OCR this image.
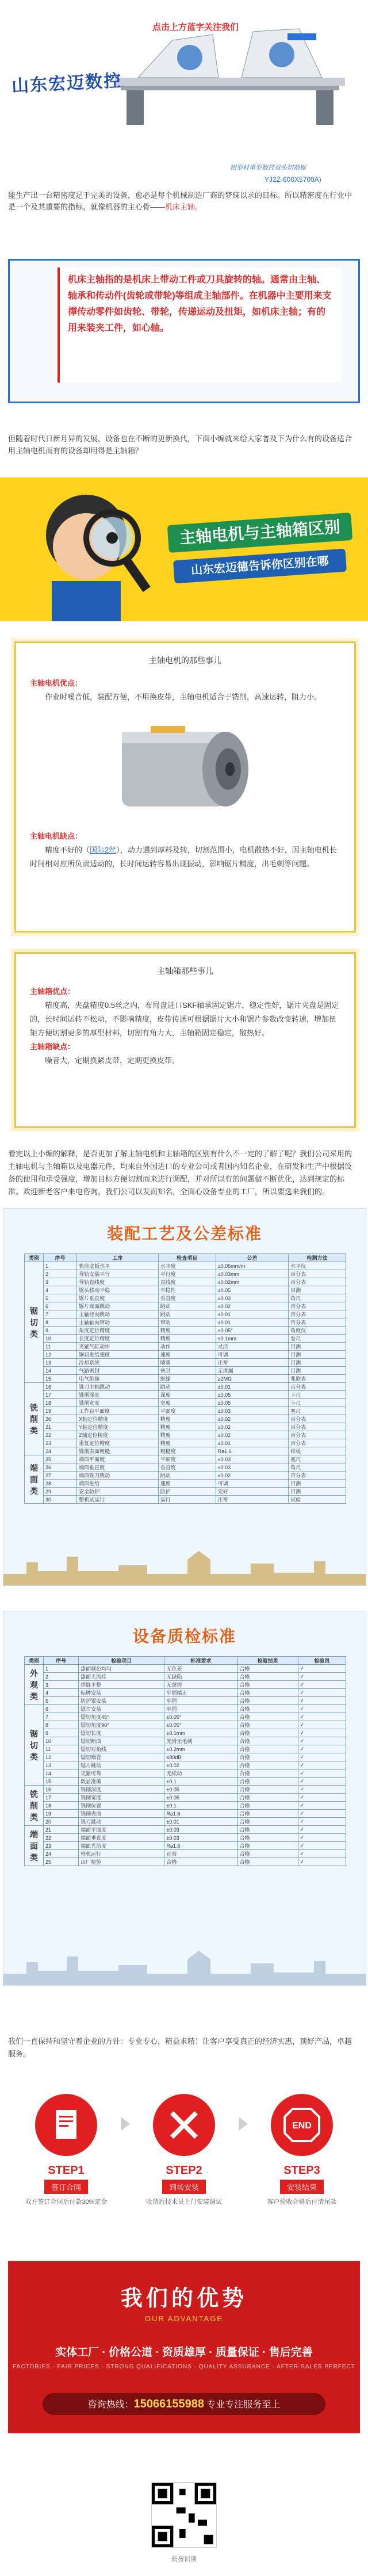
点击上方蓝字关注我们
山东宏迈数控
铝型材重型数控双头切割锯
YJ2Z-600X5700A)

能生产出一台精密度足于完美的设备，愈必是每个机械制造厂商的梦寐以求的目标。所以精密度在行业中是一个及其重要的指标，就像机器的主心骨——机床主轴。

机床主轴指的是机床上带动工件或刀具旋转的轴。通常由主轴、轴承和传动件(齿轮或带轮)等组成主轴部件。在机器中主要用来支撑传动零件如齿轮、带轮，传递运动及扭矩，如机床主轴；有的用来装夹工件，如心轴。

但随着时代日新月异的发展，设备也在不断的更新换代，下面小编就来给大家普及下为什么有的设备适合用主轴电机而有的设备却用得是主轴箱？

主轴电机与主轴箱区别
山东宏迈德告诉你区别在哪
主轴电机的那些事儿

主轴电机优点：

作业时噪音低，装配方便，不用换皮带，主轴电机适合于铣削，高速运转，阻力小。

主轴电机缺点：

精度不好的（国际2丝），动力遇到厚料及转，切割范围小，电机散热不好，因主轴电机长时间相对应所负责适动的，长时间运转容易出现振动，影响锯片精度，出毛刺等问题。

主轴箱那些事儿

主轴箱优点：

精度高，夹盘精度0.5丝之内，布局盘进口SKF轴承固定锯片，稳定性好，锯片夹盘是固定的，长时间运转不松动，不影响精度，皮带传送可根据锯片大小和锯片参数改变转速，增加扭矩方便切割更多的厚型材料，切割有角力大，主轴箱固定稳定，散热好。

主轴箱缺点：

噪音大，定期换紧皮带，定期更换皮带。

看完以上小编的解释，是否更加了解主轴电机和主轴箱的区别有什么不一定的了解了呢？我们公司采用的主轴电机与主轴箱以及电器元件，均来自外国进口的专业公司或者国内知名企业，在研发和生产中根据设备的使用和承受强度，增加目标方便切割而来进行调配，并对所以有的问题做不断优化，达到规定的标准。欢迎新老客户来电咨询，我们公司以发而知名，全面心设备专业的工厂，所以要选来我们的。

装配工艺及公差标准
类别	序号	工序	检查项目	公差	检测方法
锯切类	1	机座底板水平	水平度	±0.05mm/m	水平仪
	2	导轨安装平行	平行度	±0.03mm	百分表
	3	导轨直线度	直线度	±0.02mm	百分表
	4	锯头移动平稳	平稳性	±0.05	目测
	5	锯片垂直度	垂直度	±0.03	角尺
	6	锯片端面跳动	跳动	±0.02	百分表
	7	主轴径向跳动	跳动	±0.01	百分表
	8	主轴轴向窜动	窜动	±0.01	百分表
	9	角度定位精度	精度	±0.05°	角度仪
	10	长度定位精度	精度	±0.1mm	卷尺
	11	夹紧气缸动作	动作	灵活	目测
	12	锯切进给速度	速度	可调	目测
	13	冷却系统	喷雾	正常	目测
	14	气路密封	密封	无泄漏	目测
	15	电气绝缘	绝缘	≥2MΩ	兆欧表
铣削类	16	铣刀主轴跳动	跳动	±0.01	百分表
	17	铣削深度	深度	±0.05	卡尺
	18	铣削宽度	宽度	±0.05	卡尺
	19	工作台平面度	平面度	±0.03	塞尺
	20	X轴定位精度	精度	±0.02	百分表
	21	Y轴定位精度	精度	±0.02	百分表
	22	Z轴定位精度	精度	±0.02	百分表
	23	重复定位精度	精度	±0.01	百分表
	24	铣削表面粗糙	粗糙度	Ra1.6	样板
端面类	25	端面平面度	平面度	±0.03	塞尺
	26	端面垂直度	垂直度	±0.03	角尺
	27	端面铣刀跳动	跳动	±0.02	百分表
	28	端面进给	速度	可调	目测
	29	安全防护	防护	完好	目测
	30	整机试运行	运行	正常	试验
设备质检标准
类别	序号	检验项目	标准要求	检验结果	检验员
外观类	1	漆面颜色均匀	无色差	合格	✓
	2	漆面无流挂	无缺陷	合格	✓
	3	焊缝平整	无虚焊	合格	✓
	4	标牌安装	牢固端正	合格	✓
	5	防护罩安装	牢固	合格	✓
锯切类	6	锯片安装	牢固	合格	✓
	7	锯切角度45°	±0.05°	合格	✓
	8	锯切角度90°	±0.05°	合格	✓
	9	锯切长度	±0.1mm	合格	✓
	10	锯切断面	光滑无毛刺	合格	✓
	11	锯切对角线	±0.2mm	合格	✓
	12	锯切噪音	≤80dB	合格	✓
	13	锯片跳动	±0.02	合格	✓
	14	夹紧可靠	无松动	合格	✓
	15	数显准确	±0.1	合格	✓
铣削类	16	铣削深度	±0.05	合格	✓
	17	铣削宽度	±0.05	合格	✓
	18	铣削位置	±0.1	合格	✓
	19	铣削表面	Ra1.6	合格	✓
	20	铣刀跳动	±0.01	合格	✓
端面类	21	端面平面度	±0.03	合格	✓
	22	端面垂直度	±0.03	合格	✓
	23	端面光洁度	Ra1.6	合格	✓
	24	整机运行	正常	合格	✓
	25	出厂检验	合格	合格	✓

我们一直保持和坚守着企业的方针：专业专心，精益求精！让客户享受真正的经济实惠，顶好产品，卓越服务。

STEP1
签订合同
双方签订合同后付款30%定金
STEP2
到场安装
收货后技术员上门安装调试
END
STEP3
安装结束
客户验收合格后付清尾款
我们的优势
OUR ADVANTAGE
实体工厂 · 价格公道 · 资质雄厚 · 质量保证 · 售后完善
FACTORIES · FAIR PRICES · STRONG QUALIFICATIONS · QUALITY ASSURANCE · AFTER-SALES PERFECT
咨询热线：15066155988 专业专注服务至上
长按识别
